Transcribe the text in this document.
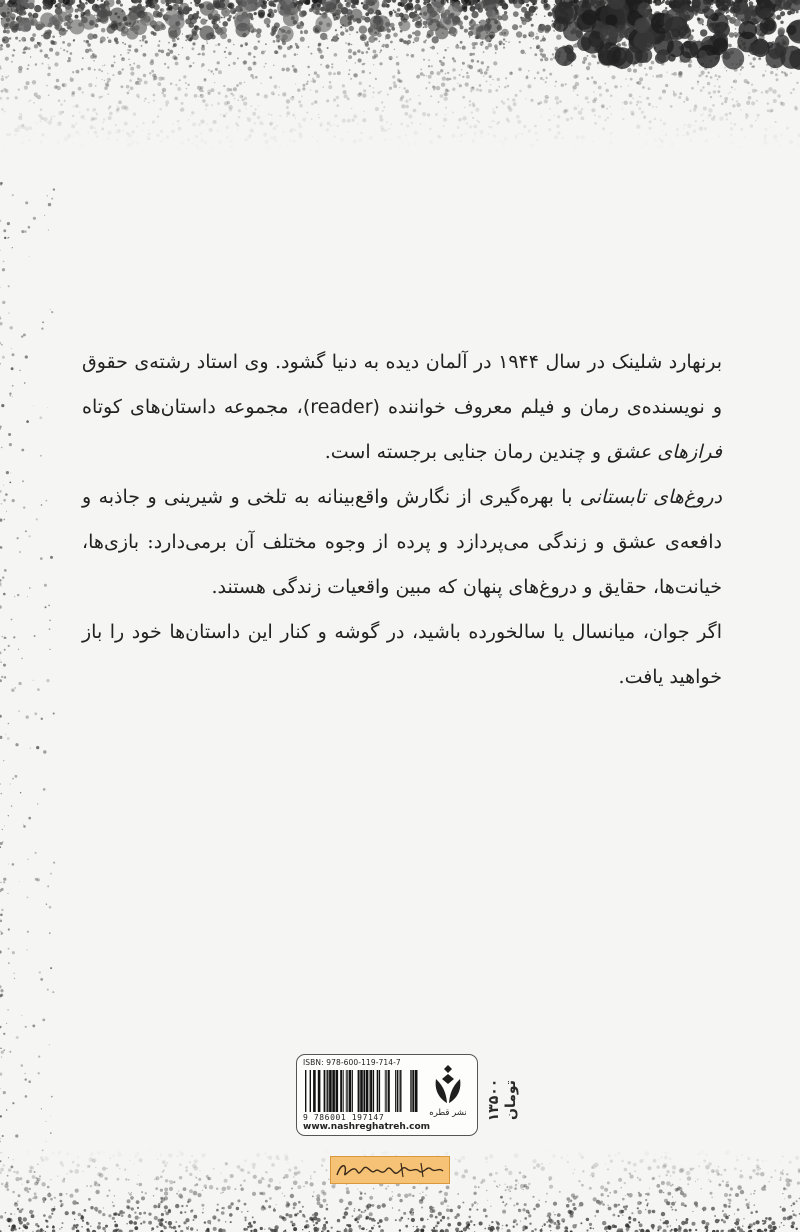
برنهارد شلینک در سال ۱۹۴۴ در آلمان دیده به دنیا گشود. وی استاد رشته‌ی حقوق و نویسنده‌ی رمان و فیلم معروف خواننده (reader)، مجموعه داستان‌های کوتاه فرازهای عشق و چندین رمان جنایی برجسته است.

دروغ‌های تابستانی با بهره‌گیری از نگارش واقع‌بینانه به تلخی و شیرینی و جاذبه و دافعه‌ی عشق و زندگی می‌پردازد و پرده از وجوه مختلف آن برمی‌دارد: بازی‌ها، خیانت‌ها، حقایق و دروغ‌های پنهان که مبین واقعیات زندگی هستند.

اگر جوان، میانسال یا سالخورده باشید، در گوشه و کنار این داستان‌ها خود را باز خواهید یافت.

۱۳۵۰۰
تومان
ISBN: 978-600-119-714-7
9 786001 197147
www.nashreghatreh.com
نشر قطره
